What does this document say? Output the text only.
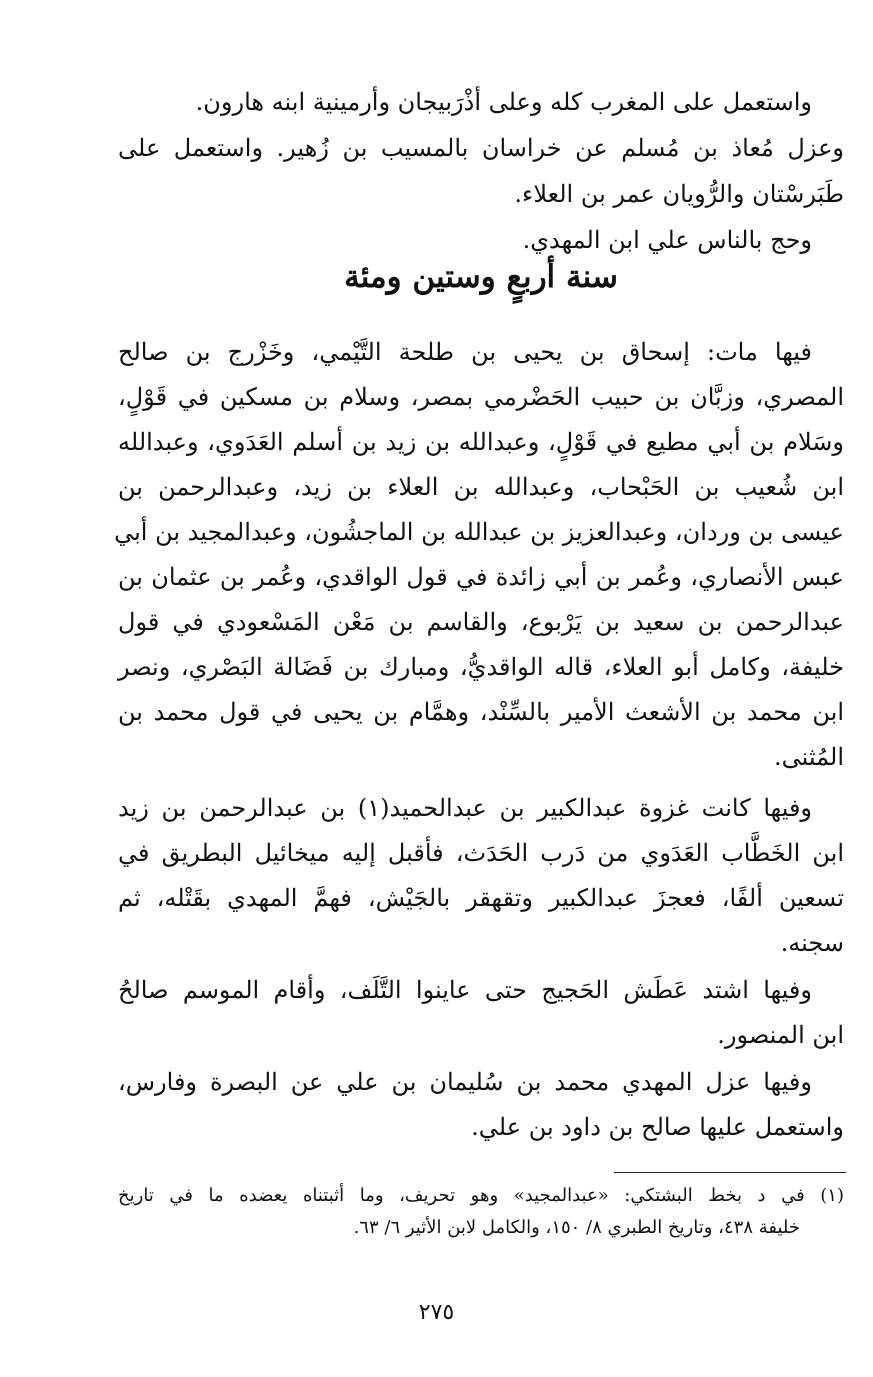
واستعمل على المغرب كله وعلى أذْرَبيجان وأرمينية ابنه هارون.
وعزل مُعاذ بن مُسلم عن خراسان بالمسيب بن زُهير. واستعمل على
طَبَرسْتان والرُّويان عمر بن العلاء.
وحج بالناس علي ابن المهدي.
سنة أربعٍ وستين ومئة
فيها مات: إسحاق بن يحيى بن طلحة التَّيْمي، وخَزْرج بن صالح
المصري، وزبَّان بن حبيب الحَضْرمي بمصر، وسلام بن مسكين في قَوْلٍ،
وسَلام بن أبي مطيع في قَوْلٍ، وعبدالله بن زيد بن أسلم العَدَوي، وعبدالله
ابن شُعيب بن الحَبْحاب، وعبدالله بن العلاء بن زيد، وعبدالرحمن بن
عيسى بن وردان، وعبدالعزيز بن عبدالله بن الماجشُون، وعبدالمجيد بن أبي
عبس الأنصاري، وعُمر بن أبي زائدة في قول الواقدي، وعُمر بن عثمان بن
عبدالرحمن بن سعيد بن يَرْبوع، والقاسم بن مَعْن المَسْعودي في قول
خليفة، وكامل أبو العلاء، قاله الواقديُّ، ومبارك بن فَضَالة البَصْري، ونصر
ابن محمد بن الأشعث الأمير بالسِّنْد، وهمَّام بن يحيى في قول محمد بن
المُثنى.
وفيها كانت غزوة عبدالكبير بن عبدالحميد(١) بن عبدالرحمن بن زيد
ابن الخَطَّاب العَدَوي من دَرب الحَدَث، فأقبل إليه ميخائيل البطريق في
تسعين ألفًا، فعجزَ عبدالكبير وتقهقر بالجَيْش، فهمَّ المهدي بقَتْله، ثم
سجنه.
وفيها اشتد عَطَش الحَجيج حتى عاينوا التَّلَف، وأقام الموسم صالحُ
ابن المنصور.
وفيها عزل المهدي محمد بن سُليمان بن علي عن البصرة وفارس،
واستعمل عليها صالح بن داود بن علي.
(١) في د بخط البشتكي: «عبدالمجيد» وهو تحريف، وما أثبتناه يعضده ما في تاريخ
خليفة ٤٣٨، وتاريخ الطبري ٨/ ١٥٠، والكامل لابن الأثير ٦/ ٦٣.
٢٧٥
